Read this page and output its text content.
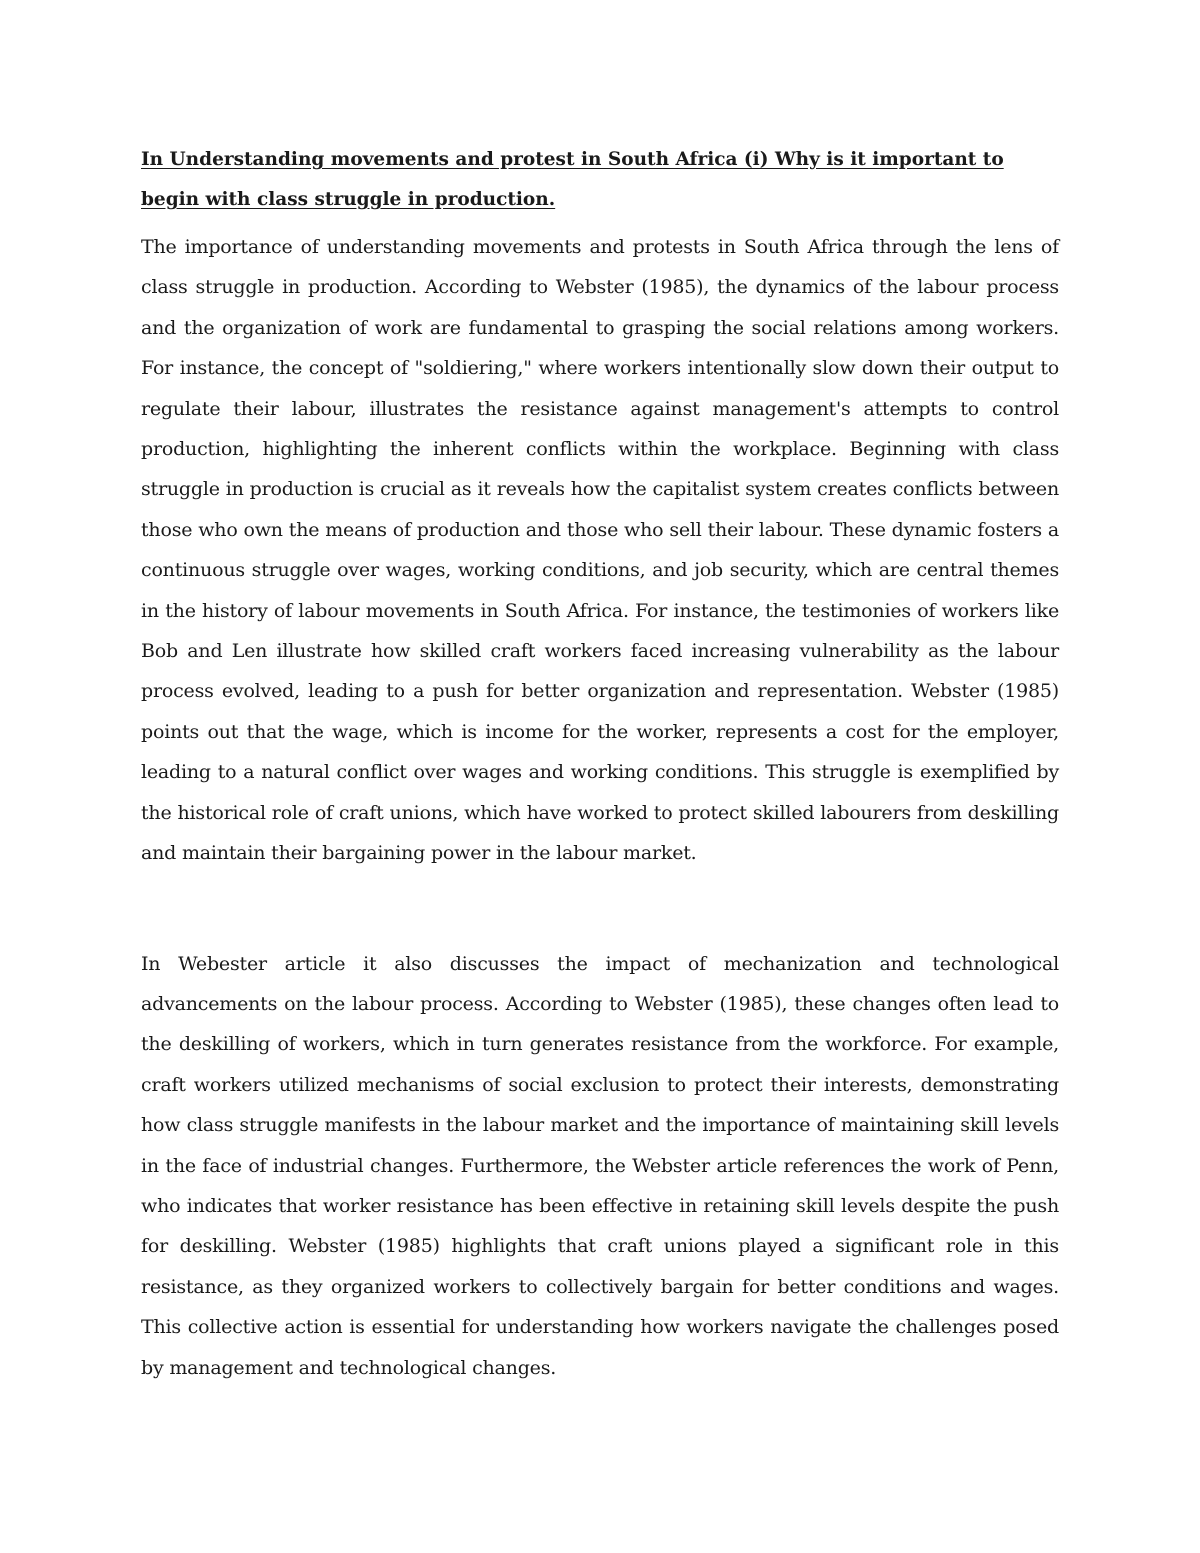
In Understanding movements and protest in South Africa (i) Why is it important to begin with class struggle in production.

The importance of understanding movements and protests in South Africa through the lens of class struggle in production. According to Webster (1985), the dynamics of the labour process and the organization of work are fundamental to grasping the social relations among workers. For instance, the concept of "soldiering," where workers intentionally slow down their output to regulate their labour, illustrates the resistance against management's attempts to control production, highlighting the inherent conflicts within the workplace. Beginning with class struggle in production is crucial as it reveals how the capitalist system creates conflicts between those who own the means of production and those who sell their labour. These dynamic fosters a continuous struggle over wages, working conditions, and job security, which are central themes in the history of labour movements in South Africa. For instance, the testimonies of workers like Bob and Len illustrate how skilled craft workers faced increasing vulnerability as the labour process evolved, leading to a push for better organization and representation. Webster (1985) points out that the wage, which is income for the worker, represents a cost for the employer, leading to a natural conflict over wages and working conditions. This struggle is exemplified by the historical role of craft unions, which have worked to protect skilled labourers from deskilling and maintain their bargaining power in the labour market.

In Webester article it also discusses the impact of mechanization and technological advancements on the labour process. According to Webster (1985), these changes often lead to the deskilling of workers, which in turn generates resistance from the workforce. For example, craft workers utilized mechanisms of social exclusion to protect their interests, demonstrating how class struggle manifests in the labour market and the importance of maintaining skill levels in the face of industrial changes. Furthermore, the Webster article references the work of Penn, who indicates that worker resistance has been effective in retaining skill levels despite the push for deskilling. Webster (1985) highlights that craft unions played a significant role in this resistance, as they organized workers to collectively bargain for better conditions and wages. This collective action is essential for understanding how workers navigate the challenges posed by management and technological changes.
